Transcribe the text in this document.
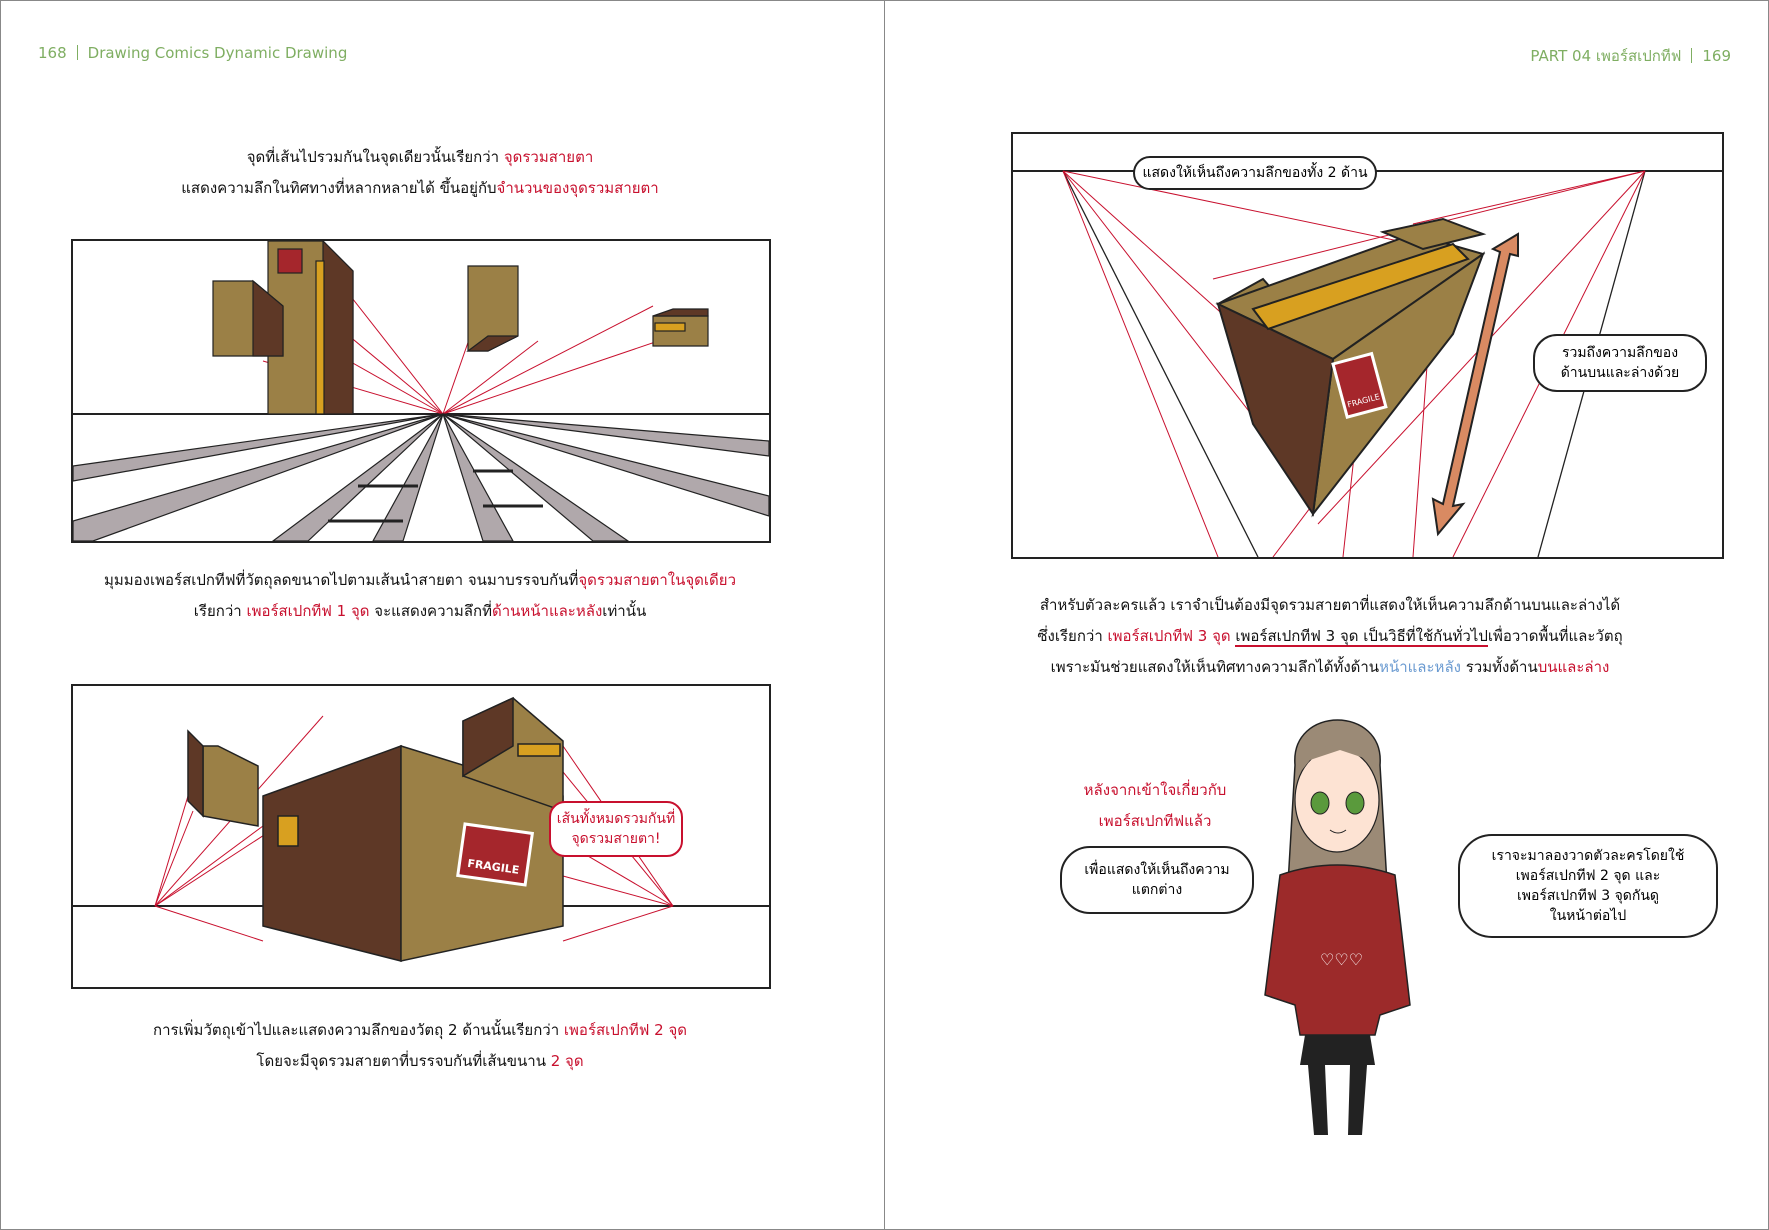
168 Drawing Comics Dynamic Drawing
จุดที่เส้นไปรวมกันในจุดเดียวนั้นเรียกว่า จุดรวมสายตา
แสดงความลึกในทิศทางที่หลากหลายได้ ขึ้นอยู่กับจำนวนของจุดรวมสายตา
มุมมองเพอร์สเปกทีฟที่วัตถุลดขนาดไปตามเส้นนำสายตา จนมาบรรจบกันที่จุดรวมสายตาในจุดเดียว
เรียกว่า เพอร์สเปกทีฟ 1 จุด จะแสดงความลึกที่ด้านหน้าและหลังเท่านั้น
FRAGILE
เส้นทั้งหมดรวมกันที่
จุดรวมสายตา!
การเพิ่มวัตถุเข้าไปและแสดงความลึกของวัตถุ 2 ด้านนั้นเรียกว่า เพอร์สเปกทีฟ 2 จุด
โดยจะมีจุดรวมสายตาที่บรรจบกันที่เส้นขนาน 2 จุด
PART 04 เพอร์สเปกทีฟ 169
FRAGILE
แสดงให้เห็นถึงความลึกของทั้ง 2 ด้าน
รวมถึงความลึกของ
ด้านบนและล่างด้วย
สำหรับตัวละครแล้ว เราจำเป็นต้องมีจุดรวมสายตาที่แสดงให้เห็นความลึกด้านบนและล่างได้
ซึ่งเรียกว่า เพอร์สเปกทีฟ 3 จุด เพอร์สเปกทีฟ 3 จุด เป็นวิธีที่ใช้กันทั่วไปเพื่อวาดพื้นที่และวัตถุ
เพราะมันช่วยแสดงให้เห็นทิศทางความลึกได้ทั้งด้านหน้าและหลัง รวมทั้งด้านบนและล่าง
หลังจากเข้าใจเกี่ยวกับ
เพอร์สเปกทีฟแล้ว
♡♡♡
เพื่อแสดงให้เห็นถึงความ
แตกต่าง
เราจะมาลองวาดตัวละครโดยใช้
เพอร์สเปกทีฟ 2 จุด และ
เพอร์สเปกทีฟ 3 จุดกันดู
ในหน้าต่อไป
